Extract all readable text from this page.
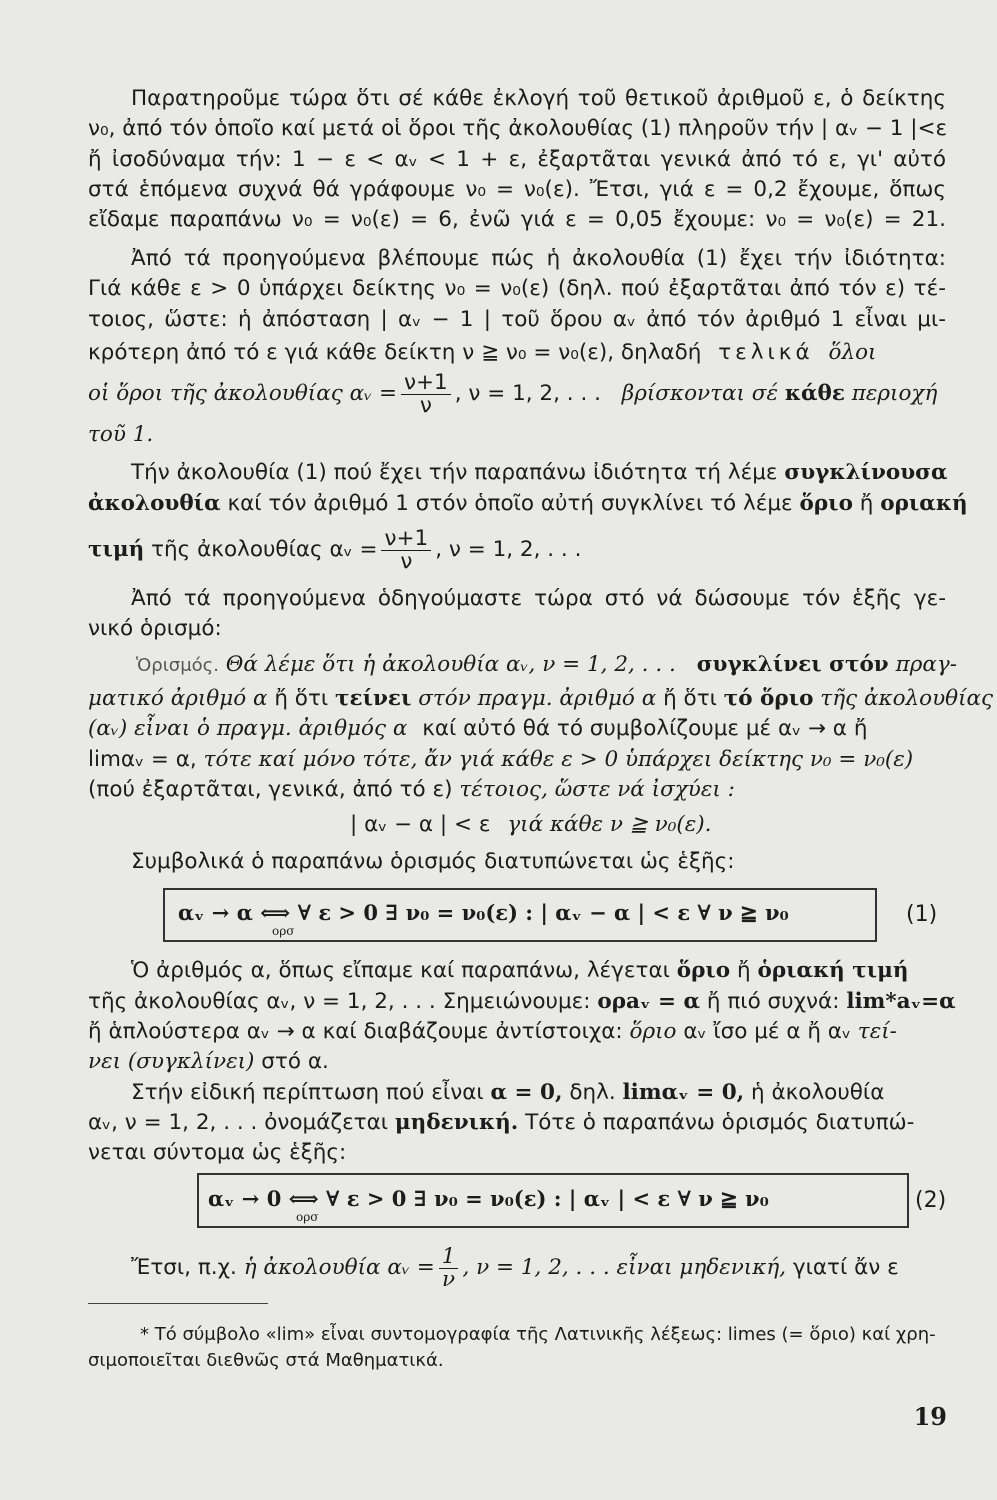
Παρατηροῦμε τώρα ὅτι σέ κάθε ἐκλογή τοῦ θετικοῦ ἀριθμοῦ ε, ὁ δείκτης
ν₀, ἀπό τόν ὁποῖο καί μετά οἱ ὅροι τῆς ἀκολουθίας (1) πληροῦν τήν | αᵥ − 1 |<ε
ἤ ἰσοδύναμα τήν: 1 − ε < αᵥ < 1 + ε, ἐξαρτᾶται γενικά ἀπό τό ε, γι' αὐτό
στά ἑπόμενα συχνά θά γράφουμε ν₀ = ν₀(ε). Ἔτσι, γιά ε = 0,2 ἔχουμε, ὅπως
εἴδαμε παραπάνω ν₀ = ν₀(ε) = 6, ἐνῶ γιά ε = 0,05 ἔχουμε: ν₀ = ν₀(ε) = 21.
Ἀπό τά προηγούμενα βλέπουμε πώς ἡ ἀκολουθία (1) ἔχει τήν ἰδιότητα:
Γιά κάθε ε > 0 ὑπάρχει δείκτης ν₀ = ν₀(ε) (δηλ. πού ἐξαρτᾶται ἀπό τόν ε) τέ-
τοιος, ὥστε: ἡ ἀπόσταση | αᵥ − 1 | τοῦ ὅρου αᵥ ἀπό τόν ἀριθμό 1 εἶναι μι-
κρότερη ἀπό τό ε γιά κάθε δείκτη ν ≧ ν₀ = ν₀(ε), δηλαδή τελικά ὅλοι
οἱ ὅροι τῆς ἀκολουθίας αᵥ = $\frac{\nu+1}{\nu}$ , ν = 1, 2, . . . βρίσκονται σέ κάθε περιοχή
τοῦ 1.
Τήν ἀκολουθία (1) πού ἔχει τήν παραπάνω ἰδιότητα τή λέμε συγκλίνουσα
ἀκολουθία καί τόν ἀριθμό 1 στόν ὁποῖο αὐτή συγκλίνει τό λέμε ὅριο ἤ οριακή
τιμή τῆς ἀκολουθίας αᵥ = $\frac{\nu+1}{\nu}$ , ν = 1, 2, . . .
Ἀπό τά προηγούμενα ὁδηγούμαστε τώρα στό νά δώσουμε τόν ἑξῆς γε-
νικό ὁρισμό:
Ὁρισμός. Θά λέμε ὅτι ἡ ἀκολουθία αᵥ, ν = 1, 2, . . . συγκλίνει στόν πραγ-
ματικό ἀριθμό α ἤ ὅτι τείνει στόν πραγμ. ἀριθμό α ἤ ὅτι τό ὅριο τῆς ἀκολουθίας
(αᵥ) εἶναι ὁ πραγμ. ἀριθμός α καί αὐτό θά τό συμβολίζουμε μέ αᵥ → α ἤ
limαᵥ = α, τότε καί μόνο τότε, ἄν γιά κάθε ε > 0 ὑπάρχει δείκτης ν₀ = ν₀(ε)
(πού ἐξαρτᾶται, γενικά, ἀπό τό ε) τέτοιος, ὥστε νά ἰσχύει :
| αᵥ − α | < ε γιά κάθε ν ≧ ν₀(ε).
Συμβολικά ὁ παραπάνω ὁρισμός διατυπώνεται ὡς ἑξῆς:
αᵥ → α ⟺ ∀ ε > 0 ∃ ν₀ = ν₀(ε) : | αᵥ − α | < ε ∀ ν ≧ ν₀
ορσ
(1)
Ὁ ἀριθμός α, ὅπως εἴπαμε καί παραπάνω, λέγεται ὅριο ἤ ὁριακή τιμή
τῆς ἀκολουθίας αᵥ, ν = 1, 2, . . . Σημειώνουμε: ορaᵥ = α ἤ πιό συχνά: lim*aᵥ=α
ἤ ἁπλούστερα αᵥ → α καί διαβάζουμε ἀντίστοιχα: ὅριο αᵥ ἴσο μέ α ἤ αᵥ τεί-
νει (συγκλίνει) στό α.
Στήν εἰδική περίπτωση πού εἶναι α = 0, δηλ. limαᵥ = 0, ἡ ἀκολουθία
αᵥ, ν = 1, 2, . . . ὀνομάζεται μηδενική. Τότε ὁ παραπάνω ὁρισμός διατυπώ-
νεται σύντομα ὡς ἑξῆς:
αᵥ → 0 ⟺ ∀ ε > 0 ∃ ν₀ = ν₀(ε) : | αᵥ | < ε ∀ ν ≧ ν₀
ορσ
(2)
Ἔτσι, π.χ. ἡ ἀκολουθία αᵥ = $\frac{1}{\nu}$ , ν = 1, 2, . . . εἶναι μηδενική, γιατί ἄν ε
* Τό σύμβολο «lim» εἶναι συντομογραφία τῆς Λατινικῆς λέξεως: limes (= ὅριο) καί χρη-
σιμοποιεῖται διεθνῶς στά Μαθηματικά.
19
